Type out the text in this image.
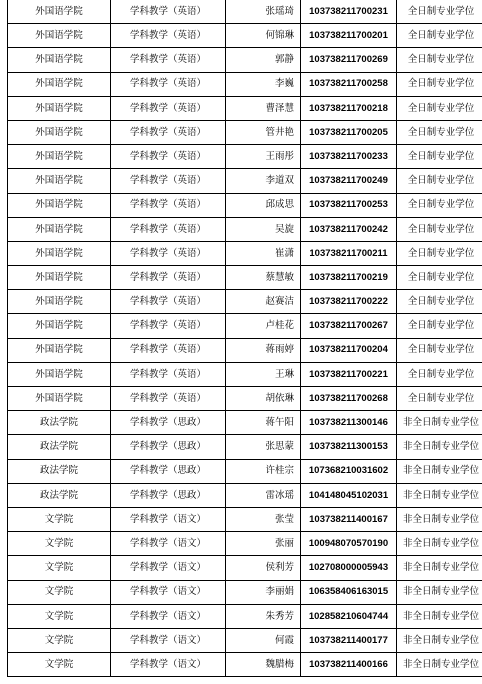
外国语学院	学科教学（英语）	张瑶琦	103738211700231	全日制专业学位
外国语学院	学科教学（英语）	何锦琳	103738211700201	全日制专业学位
外国语学院	学科教学（英语）	郭静	103738211700269	全日制专业学位
外国语学院	学科教学（英语）	李巍	103738211700258	全日制专业学位
外国语学院	学科教学（英语）	曹泽慧	103738211700218	全日制专业学位
外国语学院	学科教学（英语）	管井艳	103738211700205	全日制专业学位
外国语学院	学科教学（英语）	王雨彤	103738211700233	全日制专业学位
外国语学院	学科教学（英语）	李道双	103738211700249	全日制专业学位
外国语学院	学科教学（英语）	邱成思	103738211700253	全日制专业学位
外国语学院	学科教学（英语）	吴旋	103738211700242	全日制专业学位
外国语学院	学科教学（英语）	崔潇	103738211700211	全日制专业学位
外国语学院	学科教学（英语）	蔡慧敏	103738211700219	全日制专业学位
外国语学院	学科教学（英语）	赵赛洁	103738211700222	全日制专业学位
外国语学院	学科教学（英语）	卢桂花	103738211700267	全日制专业学位
外国语学院	学科教学（英语）	蒋雨婷	103738211700204	全日制专业学位
外国语学院	学科教学（英语）	王琳	103738211700221	全日制专业学位
外国语学院	学科教学（英语）	胡依琳	103738211700268	全日制专业学位
政法学院	学科教学（思政）	蒋午阳	103738211300146	非全日制专业学位
政法学院	学科教学（思政）	张思蒙	103738211300153	非全日制专业学位
政法学院	学科教学（思政）	许桂宗	107368210031602	非全日制专业学位
政法学院	学科教学（思政）	雷冰瑶	104148045102031	非全日制专业学位
文学院	学科教学（语文）	张莹	103738211400167	非全日制专业学位
文学院	学科教学（语文）	张丽	100948070570190	非全日制专业学位
文学院	学科教学（语文）	侯利芳	102708000005943	非全日制专业学位
文学院	学科教学（语文）	李丽娟	106358406163015	非全日制专业学位
文学院	学科教学（语文）	朱秀芳	102858210604744	非全日制专业学位
文学院	学科教学（语文）	何霞	103738211400177	非全日制专业学位
文学院	学科教学（语文）	魏腊梅	103738211400166	非全日制专业学位
